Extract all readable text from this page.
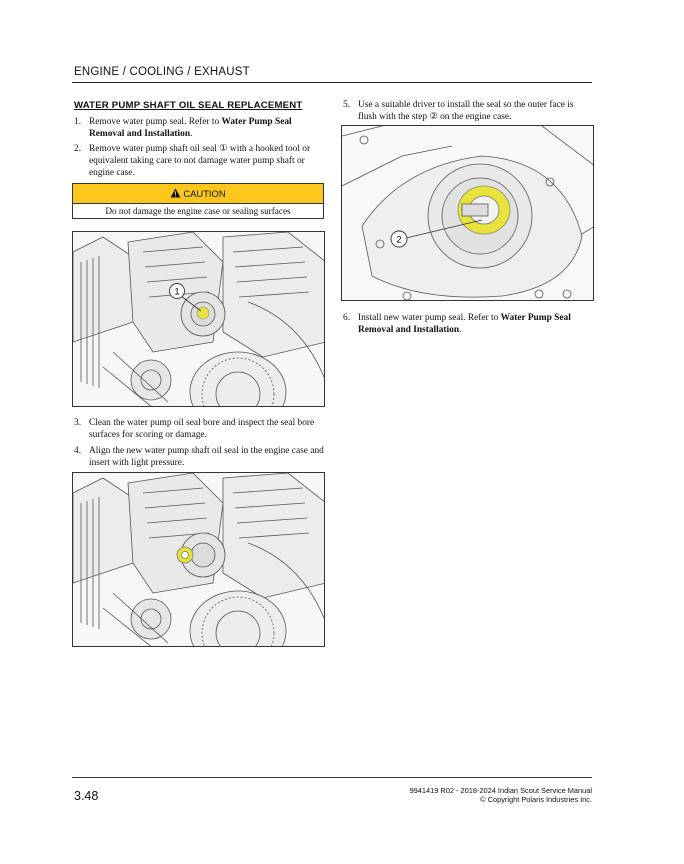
ENGINE / COOLING / EXHAUST
WATER PUMP SHAFT OIL SEAL REPLACEMENT
1. Remove water pump seal. Refer to Water Pump Seal Removal and Installation.
2. Remove water pump shaft oil seal ① with a hooked tool or equivalent taking care to not damage water pump shaft or engine case.
CAUTION
Do not damage the engine case or sealing surfaces
1
3. Clean the water pump oil seal bore and inspect the seal bore surfaces for scoring or damage.
4. Align the new water pump shaft oil seal in the engine case and insert with light pressure.
5. Use a suitable driver to install the seal so the outer face is flush with the step ② on the engine case.
2
6. Install new water pump seal. Refer to Water Pump Seal Removal and Installation.
3.48	9941419 R02 - 2018-2024 Indian Scout Service Manual
© Copyright Polaris Industries Inc.
